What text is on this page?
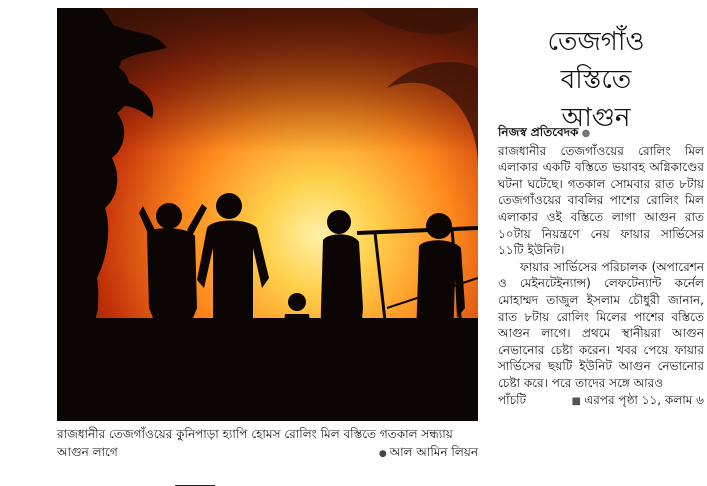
রাজধানীর তেজগাঁওয়ের কুনিপাড়া হ্যাপি হোমস রোলিং মিল বস্তিতে গতকাল সন্ধ্যায়
আগুন লাগে	● আল আমিন লিয়ন
তেজগাঁও
বস্তিতে
আগুন
নিজস্ব প্রতিবেদক ●

রাজধানীর তেজগাঁওয়ের রোলিং মিল এলাকার একটি বস্তিতে ভয়াবহ অগ্নিকাণ্ডের ঘটনা ঘটেছে। গতকাল সোমবার রাত ৮টায় তেজগাঁওয়ের বাবলির পাশের রোলিং মিল এলাকার ওই বস্তিতে লাগা আগুন রাত ১০টায় নিয়ন্ত্রণে নেয় ফায়ার সার্ভিসের ১১টি ইউনিট।

ফায়ার সার্ভিসের পরিচালক (অপারেশন ও মেইনটেইন্যান্স) লেফটেন্যান্ট কর্নেল মোহাম্মদ তাজুল ইসলাম চৌধুরী জানান, রাত ৮টায় রোলিং মিলের পাশের বস্তিতে আগুন লাগে। প্রথমে স্থানীয়রা আগুন নেভানোর চেষ্টা করেন। খবর পেয়ে ফায়ার সার্ভিসের ছয়টি ইউনিট আগুন নেভানোর চেষ্টা করে। পরে তাদের সঙ্গে আরও

পাঁচটি	■ এরপর পৃষ্ঠা ১১, কলাম ৬
